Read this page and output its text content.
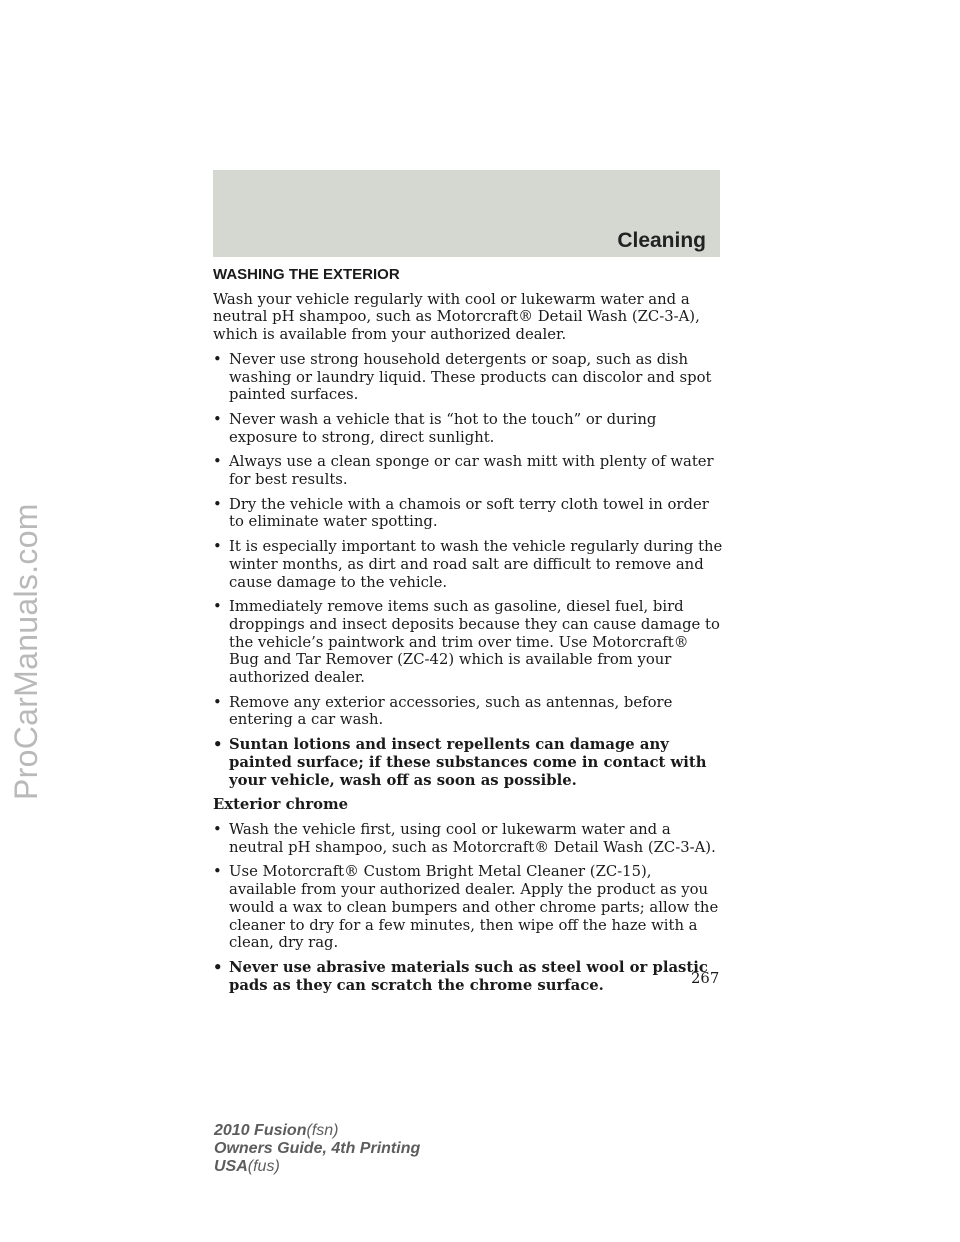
Cleaning
ProCarManuals.com
WASHING THE EXTERIOR

Wash your vehicle regularly with cool or lukewarm water and a neutral pH shampoo, such as Motorcraft® Detail Wash (ZC-3-A), which is available from your authorized dealer.

• Never use strong household detergents or soap, such as dish washing or laundry liquid. These products can discolor and spot painted surfaces.
• Never wash a vehicle that is “hot to the touch” or during exposure to strong, direct sunlight.
• Always use a clean sponge or car wash mitt with plenty of water for best results.
• Dry the vehicle with a chamois or soft terry cloth towel in order to eliminate water spotting.
• It is especially important to wash the vehicle regularly during the winter months, as dirt and road salt are difficult to remove and cause damage to the vehicle.
• Immediately remove items such as gasoline, diesel fuel, bird droppings and insect deposits because they can cause damage to the vehicle’s paintwork and trim over time. Use Motorcraft® Bug and Tar Remover (ZC-42) which is available from your authorized dealer.
• Remove any exterior accessories, such as antennas, before entering a car wash.
• Suntan lotions and insect repellents can damage any painted surface; if these substances come in contact with your vehicle, wash off as soon as possible.
Exterior chrome
• Wash the vehicle first, using cool or lukewarm water and a neutral pH shampoo, such as Motorcraft® Detail Wash (ZC-3-A).
• Use Motorcraft® Custom Bright Metal Cleaner (ZC-15), available from your authorized dealer. Apply the product as you would a wax to clean bumpers and other chrome parts; allow the cleaner to dry for a few minutes, then wipe off the haze with a clean, dry rag.
• Never use abrasive materials such as steel wool or plastic pads as they can scratch the chrome surface.	267
2010 Fusion(fsn)
Owners Guide, 4th Printing
USA(fus)
